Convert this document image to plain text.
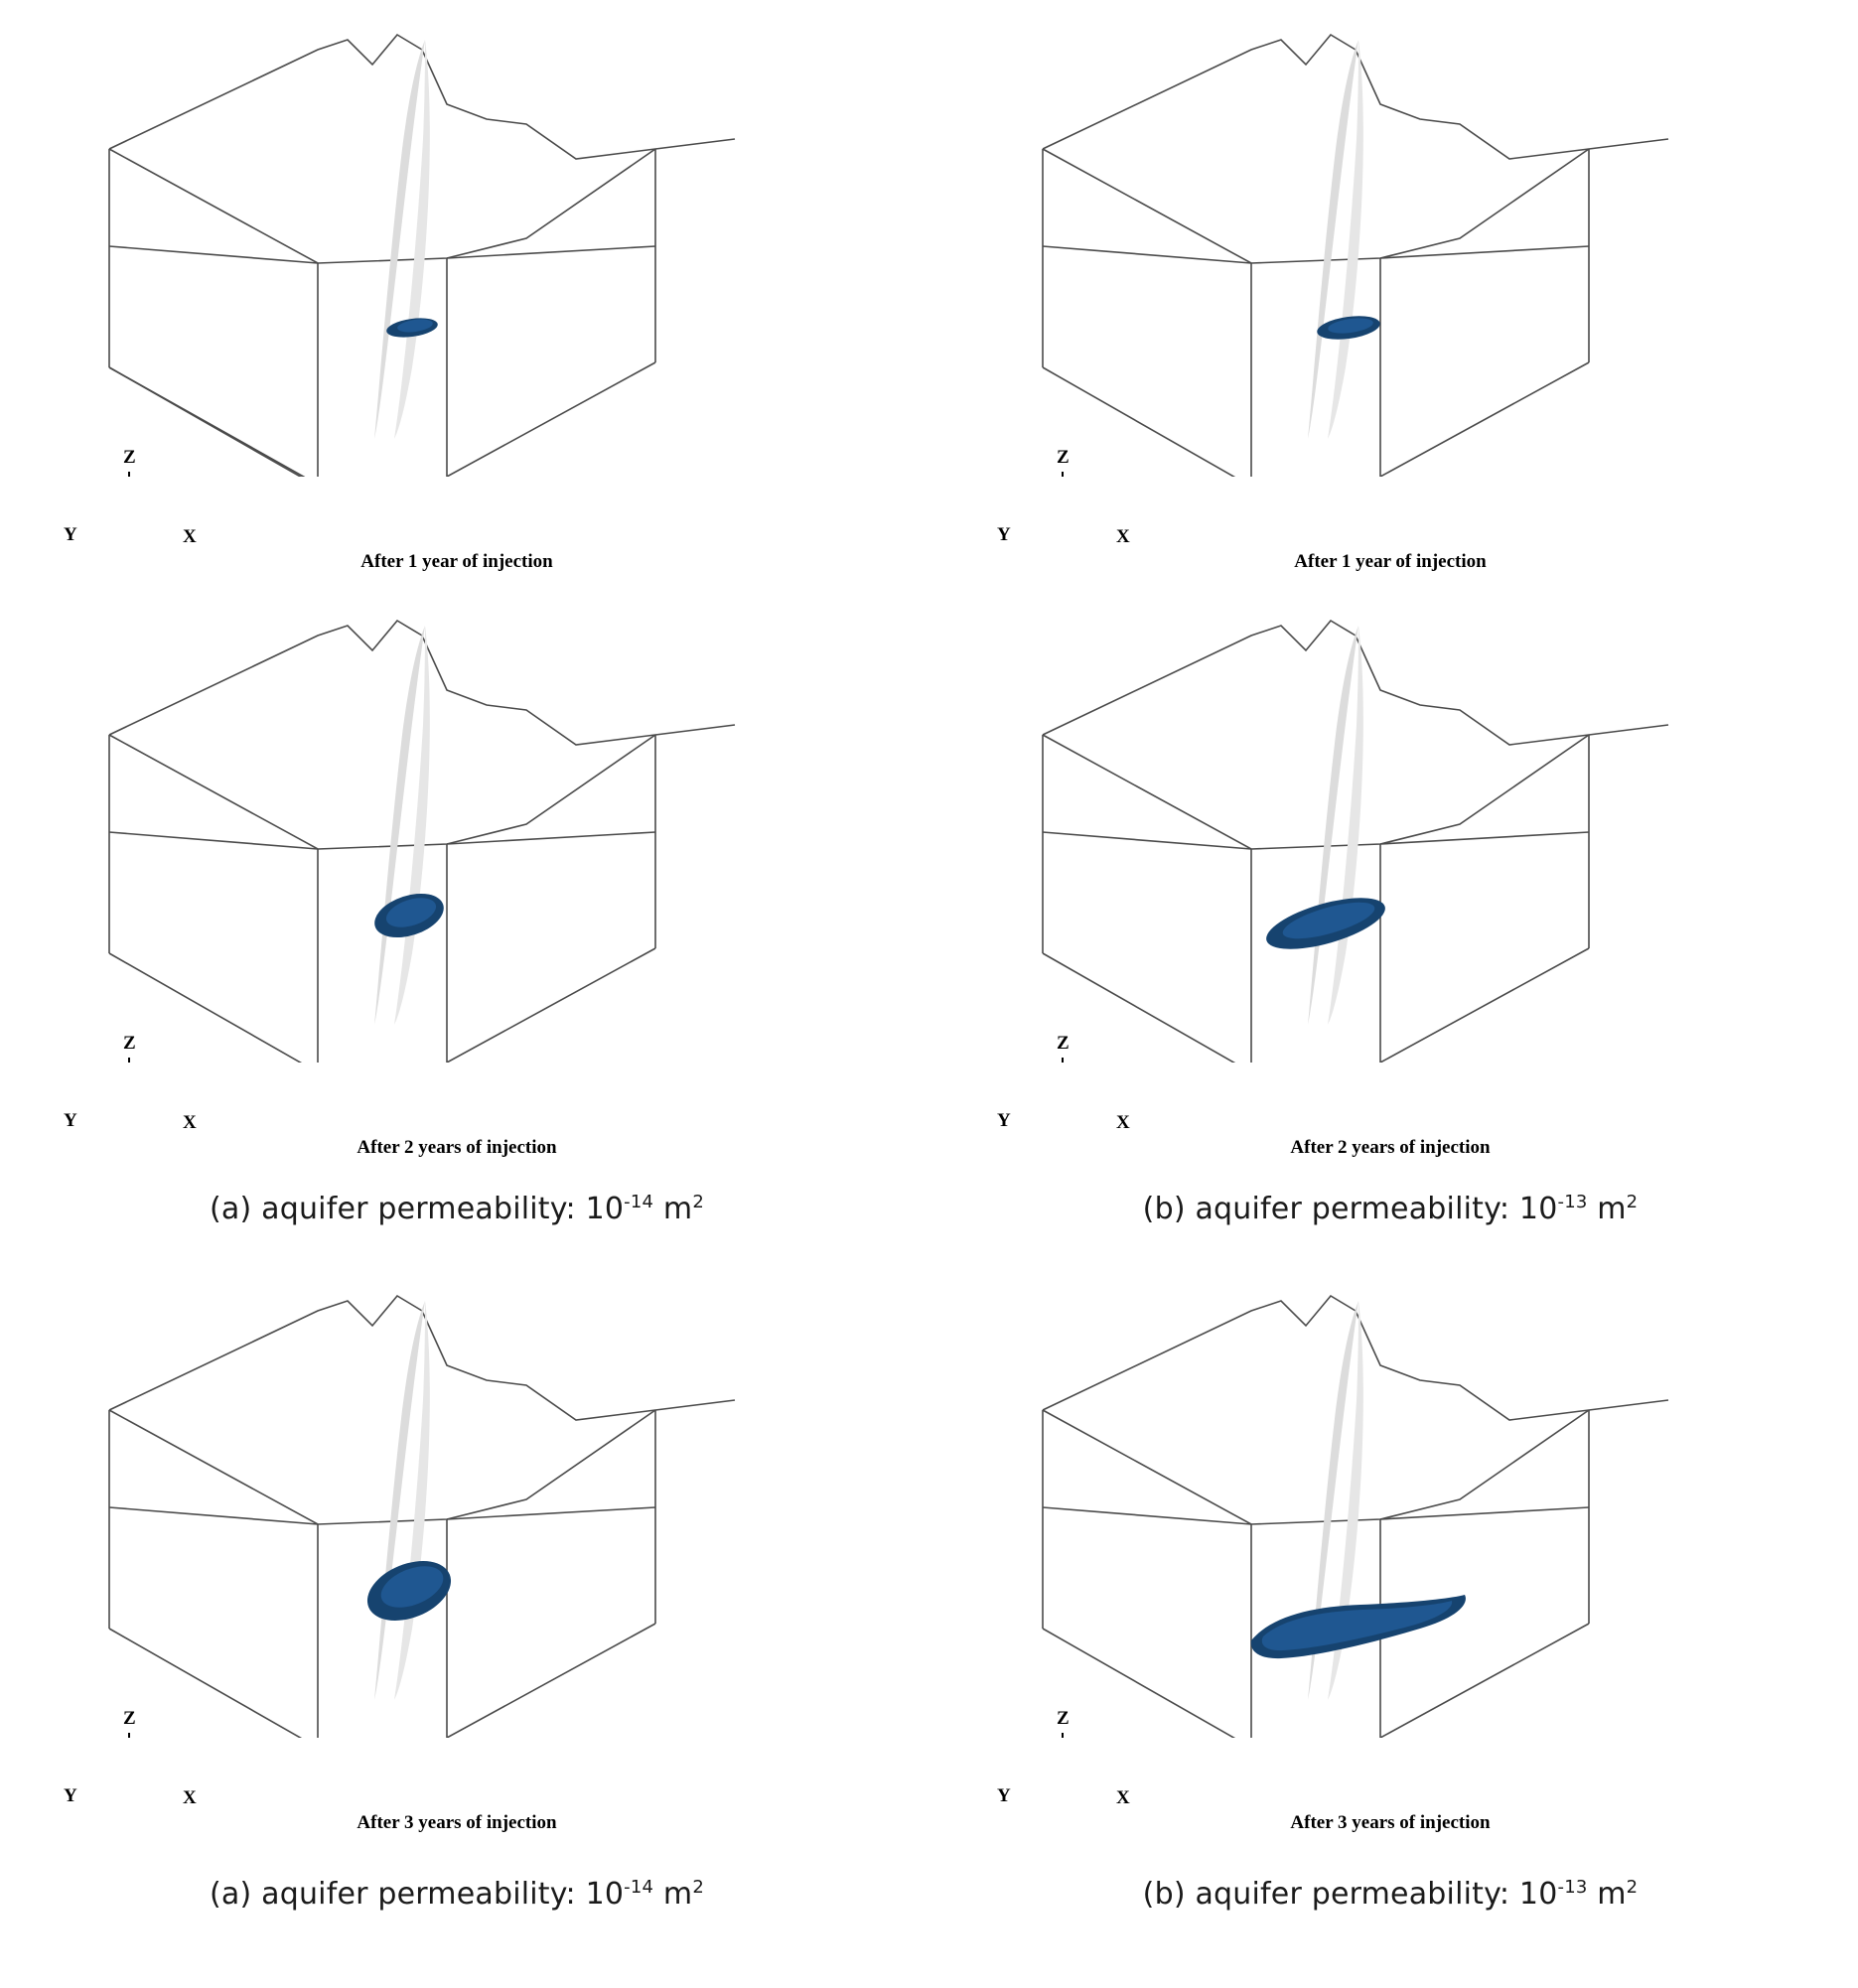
Z
Y	X
After 1 year of injection
Z
Y	X
After 1 year of injection
Z
Y	X
After 2 years of injection
Z
Y	X
After 2 years of injection
(a) aquifer permeability: $10^{-14}$ $m^2$	(b) aquifer permeability: $10^{-13}$ $m^2$
Z
Y	X
After 3 years of injection
Z
Y	X
After 3 years of injection
(a) aquifer permeability: $10^{-14}$ $m^2$	(b) aquifer permeability: $10^{-13}$ $m^2$
